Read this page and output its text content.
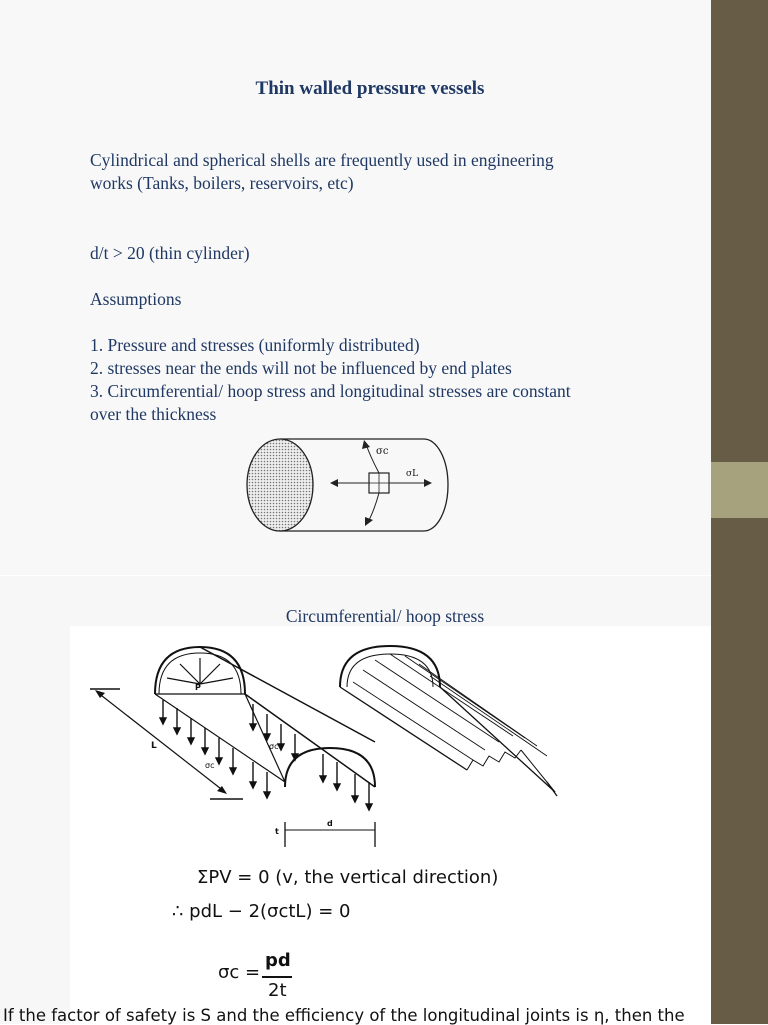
Thin walled pressure vessels

Cylindrical and spherical shells are frequently used in engineering

works (Tanks, boilers, reservoirs, etc)

d/t > 20 (thin cylinder)

Assumptions

1. Pressure and stresses (uniformly distributed)

2. stresses near the ends will not be influenced by end plates

3. Circumferential/ hoop stress and longitudinal stresses are constant

over the thickness

σc
σL
Circumferential/ hoop stress
L
P
σc
σc
t
d

ΣPV = 0 (v, the vertical direction)

∴ pdL − 2(σctL) = 0

σc =
pd
2t
If the factor of safety is S and the efficiency of the longitudinal joints is η, then the
